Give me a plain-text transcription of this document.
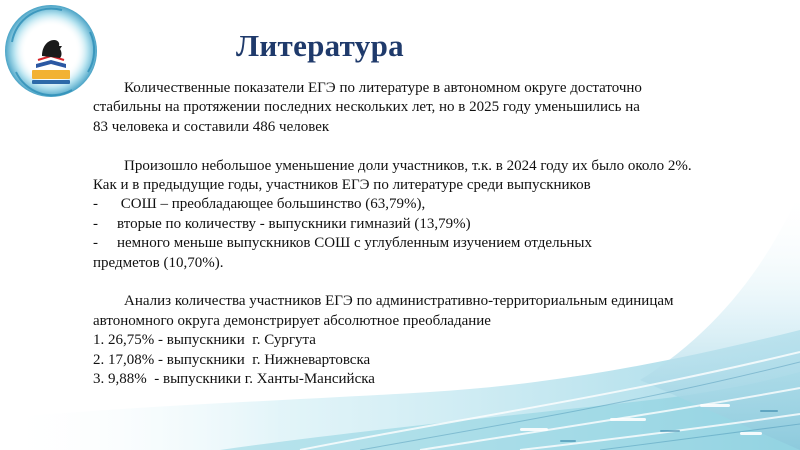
Литература

Количественные показатели ЕГЭ по литературе в автономном округе достаточно

стабильны на протяжении последних нескольких лет, но в 2025 году уменьшились на

83 человека и составили 486 человек

Произошло небольшое уменьшение доли участников, т.к. в 2024 году их было около 2%.

Как и в предыдущие годы, участников ЕГЭ по литературе среди выпускников

- СОШ – преобладающее большинство (63,79%),
- вторые по количеству - выпускники гимназий (13,79%)
- немного меньше выпускников СОШ с углубленным изучением отдельных

предметов (10,70%).

Анализ количества участников ЕГЭ по административно-территориальным единицам

автономного округа демонстрирует абсолютное преобладание

1. 26,75% - выпускники  г. Сургута

2. 17,08% - выпускники  г. Нижневартовска

3. 9,88%  - выпускники г. Ханты-Мансийска
